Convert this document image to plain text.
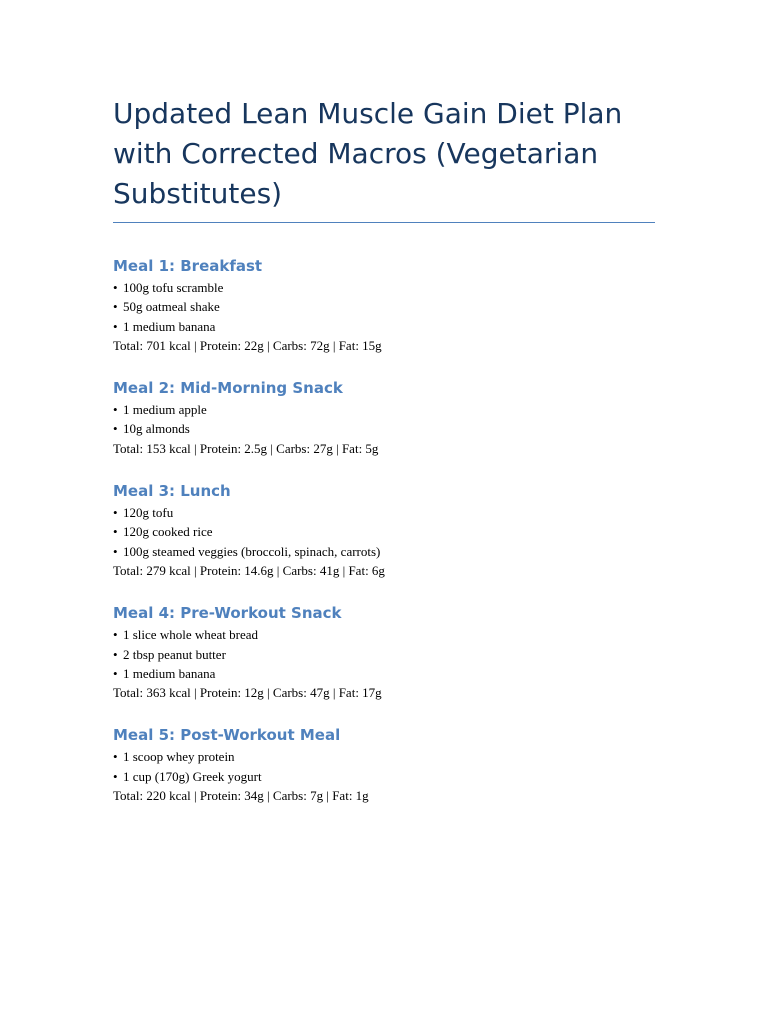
Updated Lean Muscle Gain Diet Plan with Corrected Macros (Vegetarian Substitutes)
Meal 1: Breakfast
• 100g tofu scramble
• 50g oatmeal shake
• 1 medium banana

Total: 701 kcal | Protein: 22g | Carbs: 72g | Fat: 15g

Meal 2: Mid-Morning Snack
• 1 medium apple
• 10g almonds

Total: 153 kcal | Protein: 2.5g | Carbs: 27g | Fat: 5g

Meal 3: Lunch
• 120g tofu
• 120g cooked rice
• 100g steamed veggies (broccoli, spinach, carrots)

Total: 279 kcal | Protein: 14.6g | Carbs: 41g | Fat: 6g

Meal 4: Pre-Workout Snack
• 1 slice whole wheat bread
• 2 tbsp peanut butter
• 1 medium banana

Total: 363 kcal | Protein: 12g | Carbs: 47g | Fat: 17g

Meal 5: Post-Workout Meal
• 1 scoop whey protein
• 1 cup (170g) Greek yogurt

Total: 220 kcal | Protein: 34g | Carbs: 7g | Fat: 1g
